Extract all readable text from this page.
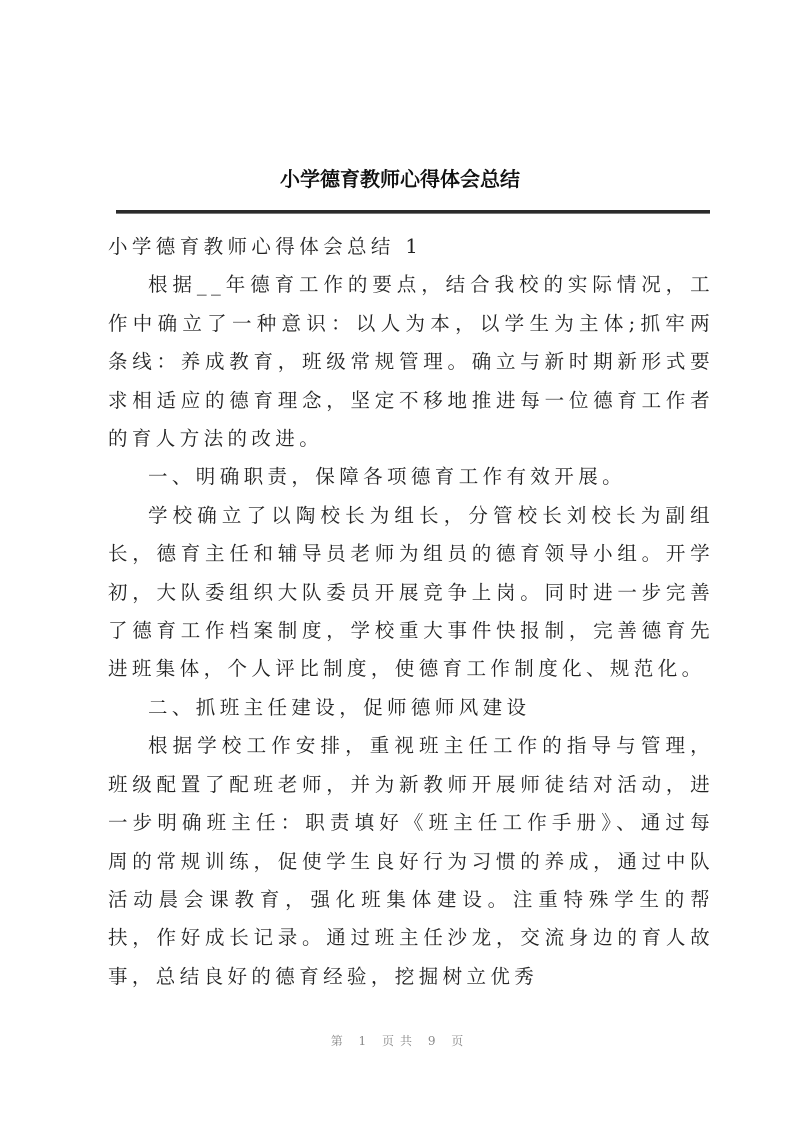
小学德育教师心得体会总结

小学德育教师心得体会总结 1

根据__年德育工作的要点，结合我校的实际情况，工作中确立了一种意识：以人为本，以学生为主体;抓牢两条线：养成教育，班级常规管理。确立与新时期新形式要求相适应的德育理念，坚定不移地推进每一位德育工作者的育人方法的改进。

一、明确职责，保障各项德育工作有效开展。

学校确立了以陶校长为组长，分管校长刘校长为副组长，德育主任和辅导员老师为组员的德育领导小组。开学初，大队委组织大队委员开展竞争上岗。同时进一步完善了德育工作档案制度，学校重大事件快报制，完善德育先进班集体，个人评比制度，使德育工作制度化、规范化。

二、抓班主任建设，促师德师风建设

根据学校工作安排，重视班主任工作的指导与管理，班级配置了配班老师，并为新教师开展师徒结对活动，进一步明确班主任：职责填好《班主任工作手册》、通过每周的常规训练，促使学生良好行为习惯的养成，通过中队活动晨会课教育，强化班集体建设。注重特殊学生的帮扶，作好成长记录。通过班主任沙龙，交流身边的育人故事，总结良好的德育经验，挖掘树立优秀

第 1 页共 9 页
